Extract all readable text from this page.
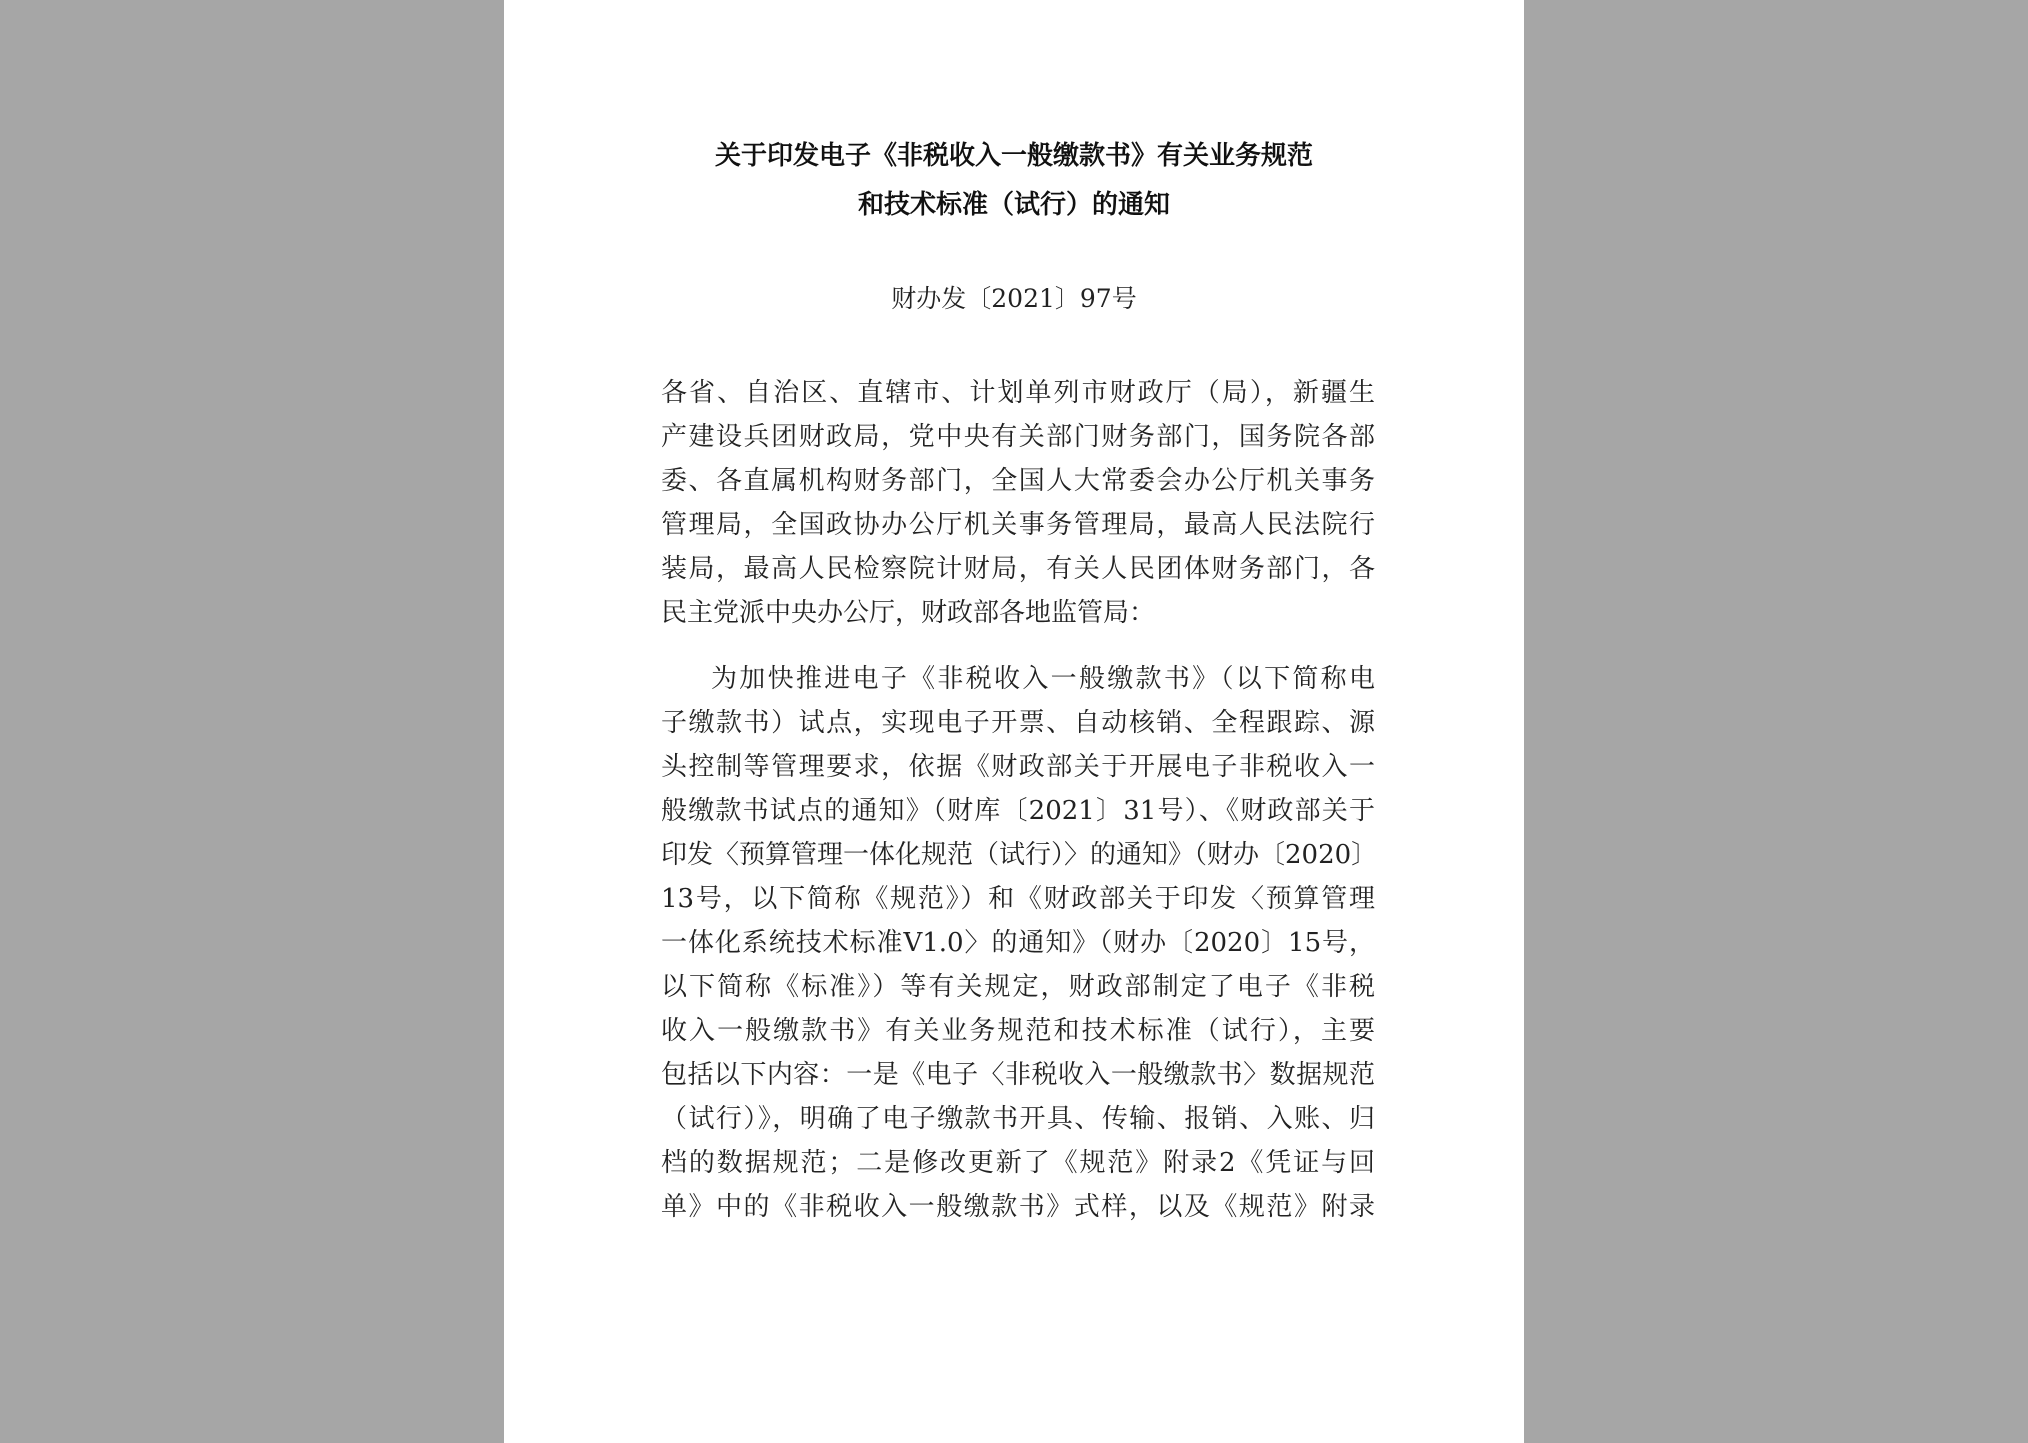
关于印发电子《非税收入一般缴款书》有关业务规范
和技术标准（试行）的通知
财办发〔2021〕97号
各省、自治区、直辖市、计划单列市财政厅（局），新疆生
产建设兵团财政局，党中央有关部门财务部门，国务院各部
委、各直属机构财务部门，全国人大常委会办公厅机关事务
管理局，全国政协办公厅机关事务管理局，最高人民法院行
装局，最高人民检察院计财局，有关人民团体财务部门，各
民主党派中央办公厅，财政部各地监管局：
为加快推进电子《非税收入一般缴款书》（以下简称电
子缴款书）试点，实现电子开票、自动核销、全程跟踪、源
头控制等管理要求，依据《财政部关于开展电子非税收入一
般缴款书试点的通知》（财库〔2021〕31号）、《财政部关于
印发〈预算管理一体化规范（试行）〉的通知》（财办〔2020〕
13号，以下简称《规范》）和《财政部关于印发〈预算管理
一体化系统技术标准V1.0〉的通知》（财办〔2020〕15号，
以下简称《标准》）等有关规定，财政部制定了电子《非税
收入一般缴款书》有关业务规范和技术标准（试行），主要
包括以下内容：一是《电子〈非税收入一般缴款书〉数据规范
（试行）》，明确了电子缴款书开具、传输、报销、入账、归
档的数据规范；二是修改更新了《规范》附录2《凭证与回
单》中的《非税收入一般缴款书》式样，以及《规范》附录
